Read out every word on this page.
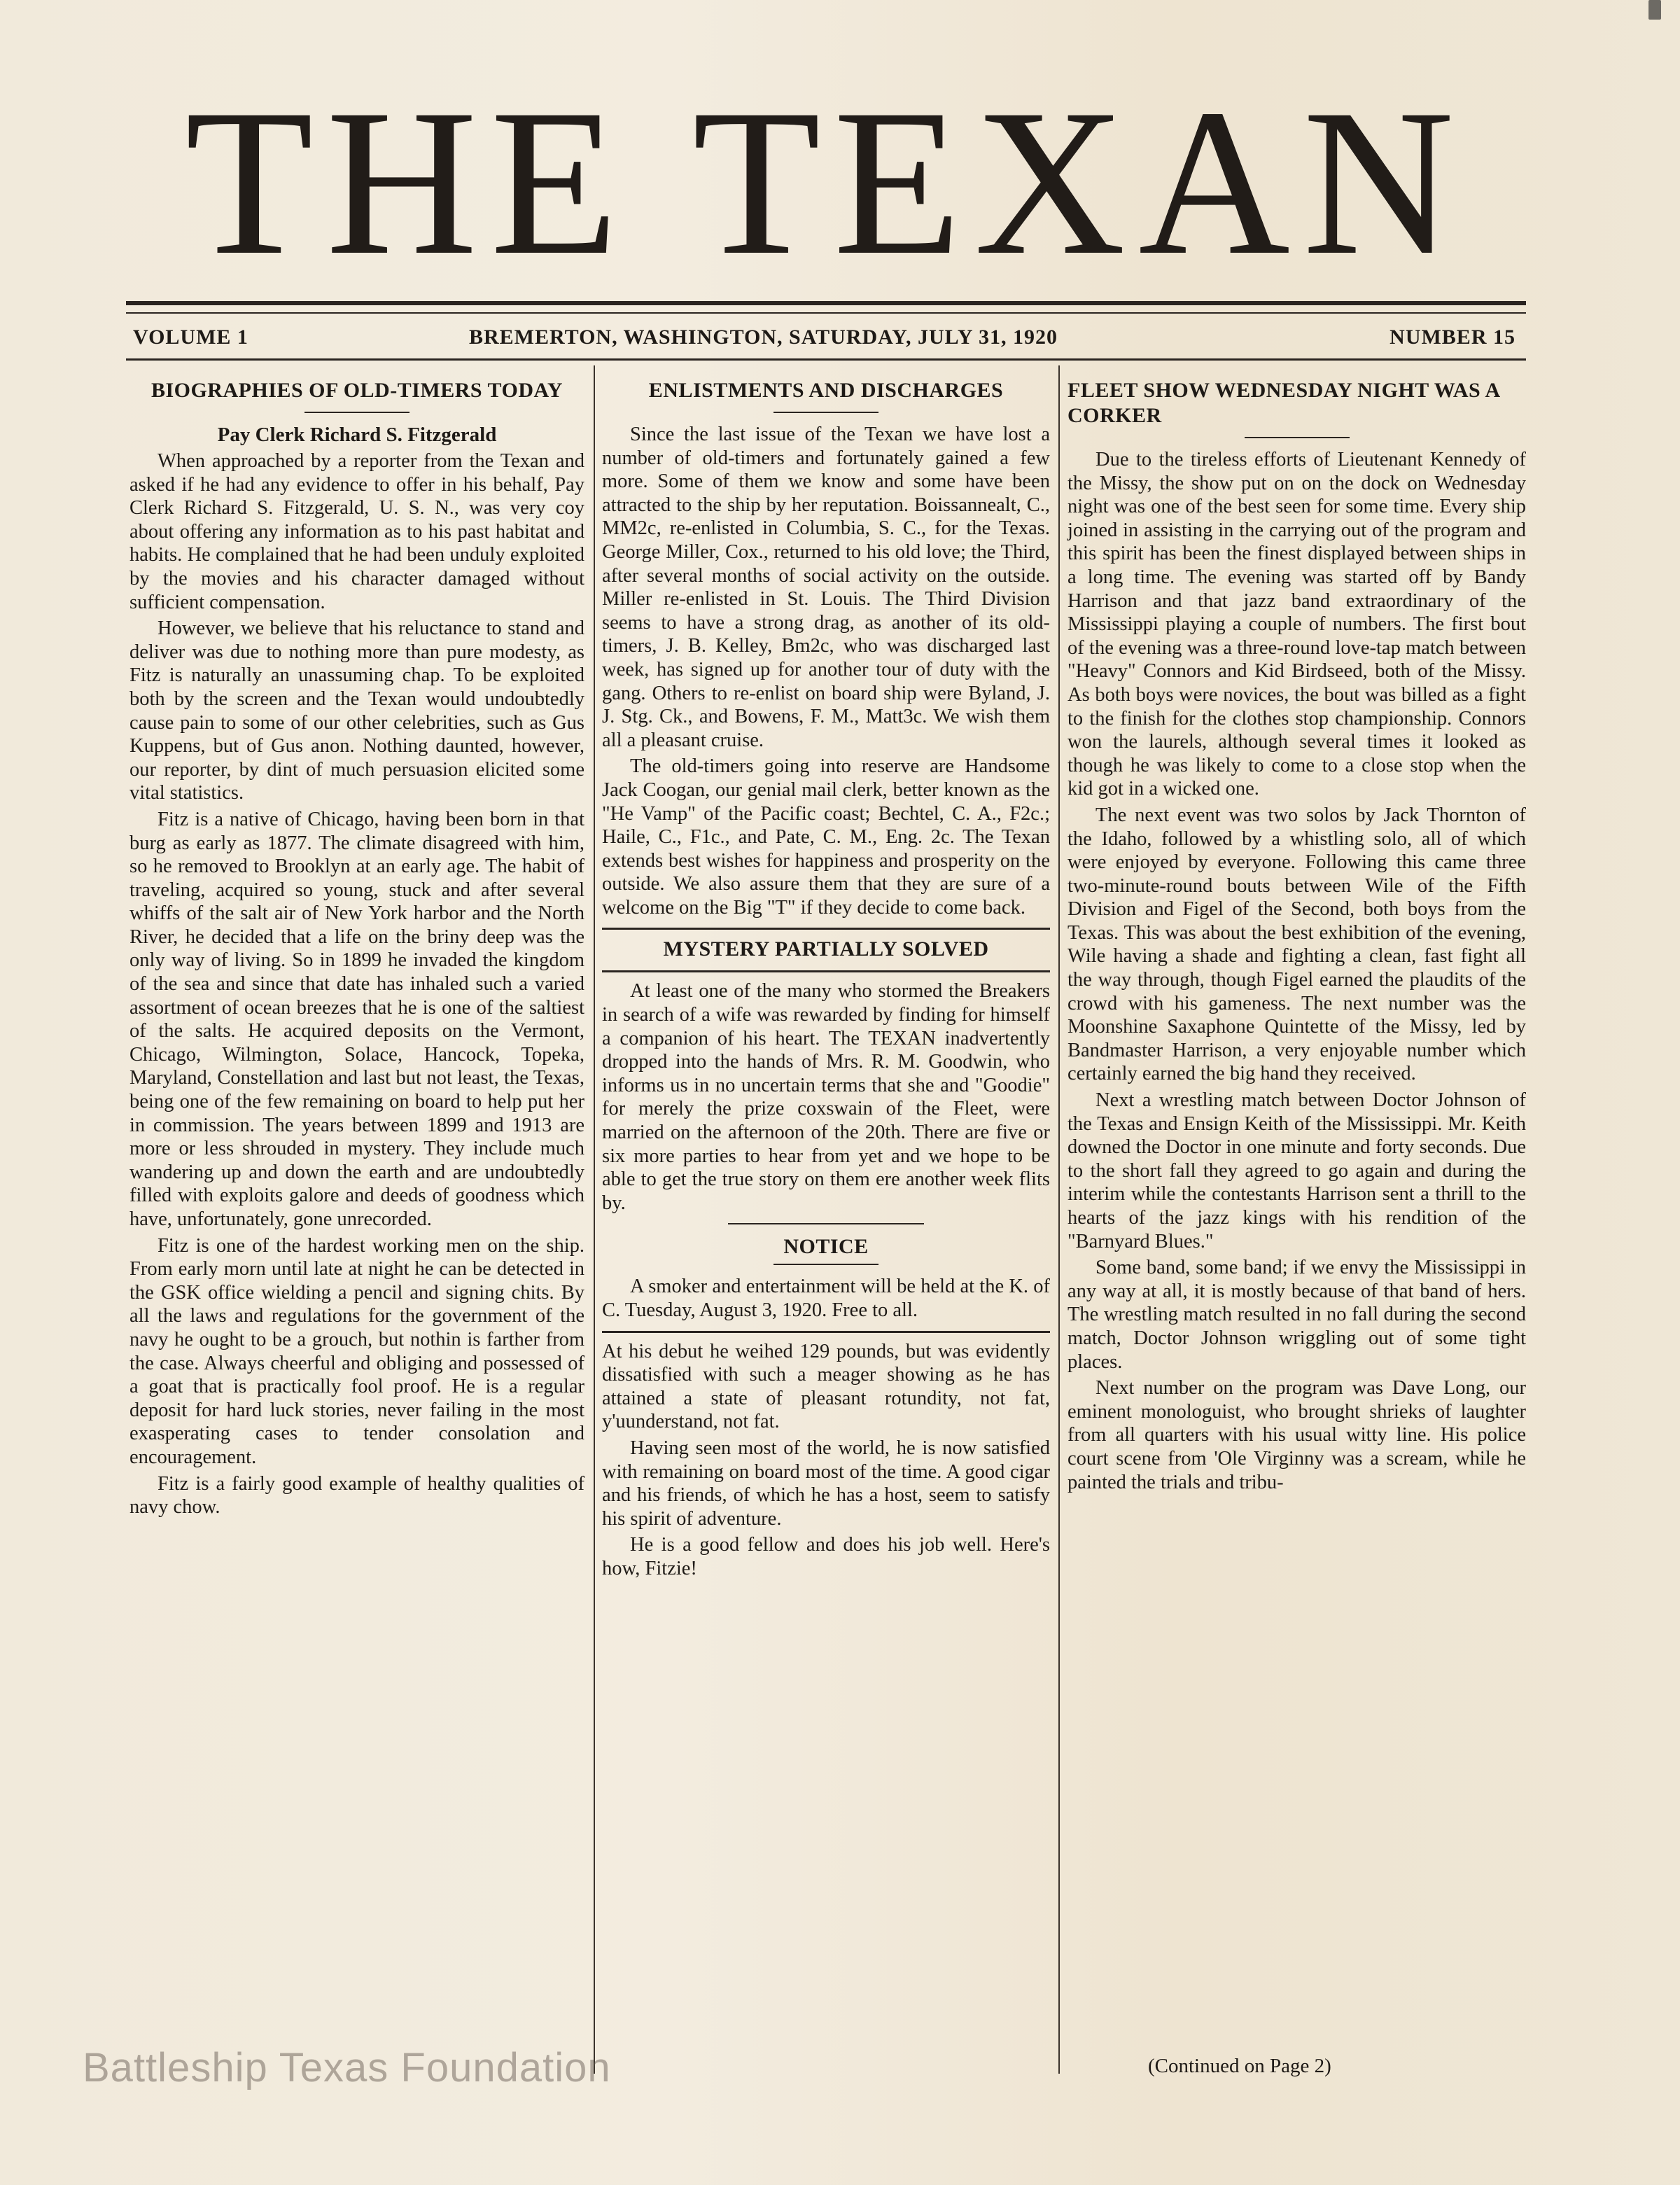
THE TEXAN
VOLUME 1	BREMERTON, WASHINGTON, SATURDAY, JULY 31, 1920	NUMBER 15
BIOGRAPHIES OF OLD-TIMERS TODAY
Pay Clerk Richard S. Fitzgerald

When approached by a reporter from the Texan and asked if he had any evidence to offer in his behalf, Pay Clerk Richard S. Fitzgerald, U. S. N., was very coy about offering any information as to his past habitat and habits. He complained that he had been unduly exploited by the movies and his character damaged without sufficient compensation.

However, we believe that his reluctance to stand and deliver was due to nothing more than pure modesty, as Fitz is naturally an unassuming chap. To be exploited both by the screen and the Texan would undoubtedly cause pain to some of our other celebrities, such as Gus Kuppens, but of Gus anon. Nothing daunted, however, our reporter, by dint of much persuasion elicited some vital statistics.

Fitz is a native of Chicago, having been born in that burg as early as 1877. The climate disagreed with him, so he removed to Brooklyn at an early age. The habit of traveling, acquired so young, stuck and after several whiffs of the salt air of New York harbor and the North River, he decided that a life on the briny deep was the only way of living. So in 1899 he invaded the kingdom of the sea and since that date has inhaled such a varied assortment of ocean breezes that he is one of the saltiest of the salts. He acquired deposits on the Vermont, Chicago, Wilmington, Solace, Hancock, Topeka, Maryland, Constellation and last but not least, the Texas, being one of the few remaining on board to help put her in commission. The years between 1899 and 1913 are more or less shrouded in mystery. They include much wandering up and down the earth and are undoubtedly filled with exploits galore and deeds of goodness which have, unfortunately, gone unrecorded.

Fitz is one of the hardest working men on the ship. From early morn until late at night he can be detected in the GSK office wielding a pencil and signing chits. By all the laws and regulations for the government of the navy he ought to be a grouch, but nothin is farther from the case. Always cheerful and obliging and possessed of a goat that is practically fool proof. He is a regular deposit for hard luck stories, never failing in the most exasperating cases to tender consolation and encouragement.

Fitz is a fairly good example of healthy qualities of navy chow.

ENLISTMENTS AND DISCHARGES

Since the last issue of the Texan we have lost a number of old-timers and fortunately gained a few more. Some of them we know and some have been attracted to the ship by her reputation. Boissannealt, C., MM2c, re-enlisted in Columbia, S. C., for the Texas. George Miller, Cox., returned to his old love; the Third, after several months of social activity on the outside. Miller re-enlisted in St. Louis. The Third Division seems to have a strong drag, as another of its old-timers, J. B. Kelley, Bm2c, who was discharged last week, has signed up for another tour of duty with the gang. Others to re-enlist on board ship were Byland, J. J. Stg. Ck., and Bowens, F. M., Matt3c. We wish them all a pleasant cruise.

The old-timers going into reserve are Handsome Jack Coogan, our genial mail clerk, better known as the "He Vamp" of the Pacific coast; Bechtel, C. A., F2c.; Haile, C., F1c., and Pate, C. M., Eng. 2c. The Texan extends best wishes for happiness and prosperity on the outside. We also assure them that they are sure of a welcome on the Big "T" if they decide to come back.

MYSTERY PARTIALLY SOLVED

At least one of the many who stormed the Breakers in search of a wife was rewarded by finding for himself a companion of his heart. The TEXAN inadvertently dropped into the hands of Mrs. R. M. Goodwin, who informs us in no uncertain terms that she and "Goodie" for merely the prize coxswain of the Fleet, were married on the afternoon of the 20th. There are five or six more parties to hear from yet and we hope to be able to get the true story on them ere another week flits by.

NOTICE

A smoker and entertainment will be held at the K. of C. Tuesday, August 3, 1920. Free to all.

At his debut he weihed 129 pounds, but was evidently dissatisfied with such a meager showing as he has attained a state of pleasant rotundity, not fat, y'uunderstand, not fat.

Having seen most of the world, he is now satisfied with remaining on board most of the time. A good cigar and his friends, of which he has a host, seem to satisfy his spirit of adventure.

He is a good fellow and does his job well. Here's how, Fitzie!

FLEET SHOW WEDNESDAY NIGHT WAS A CORKER

Due to the tireless efforts of Lieutenant Kennedy of the Missy, the show put on on the dock on Wednesday night was one of the best seen for some time. Every ship joined in assisting in the carrying out of the program and this spirit has been the finest displayed between ships in a long time. The evening was started off by Bandy Harrison and that jazz band extraordinary of the Mississippi playing a couple of numbers. The first bout of the evening was a three-round love-tap match between "Heavy" Connors and Kid Birdseed, both of the Missy. As both boys were novices, the bout was billed as a fight to the finish for the clothes stop championship. Connors won the laurels, although several times it looked as though he was likely to come to a close stop when the kid got in a wicked one.

The next event was two solos by Jack Thornton of the Idaho, followed by a whistling solo, all of which were enjoyed by everyone. Following this came three two-minute-round bouts between Wile of the Fifth Division and Figel of the Second, both boys from the Texas. This was about the best exhibition of the evening, Wile having a shade and fighting a clean, fast fight all the way through, though Figel earned the plaudits of the crowd with his gameness. The next number was the Moonshine Saxaphone Quintette of the Missy, led by Bandmaster Harrison, a very enjoyable number which certainly earned the big hand they received.

Next a wrestling match between Doctor Johnson of the Texas and Ensign Keith of the Mississippi. Mr. Keith downed the Doctor in one minute and forty seconds. Due to the short fall they agreed to go again and during the interim while the contestants Harrison sent a thrill to the hearts of the jazz kings with his rendition of the "Barnyard Blues."

Some band, some band; if we envy the Mississippi in any way at all, it is mostly because of that band of hers. The wrestling match resulted in no fall during the second match, Doctor Johnson wriggling out of some tight places.

Next number on the program was Dave Long, our eminent monologuist, who brought shrieks of laughter from all quarters with his usual witty line. His police court scene from 'Ole Virginny was a scream, while he painted the trials and tribu-

(Continued on Page 2)
Battleship Texas Foundation
